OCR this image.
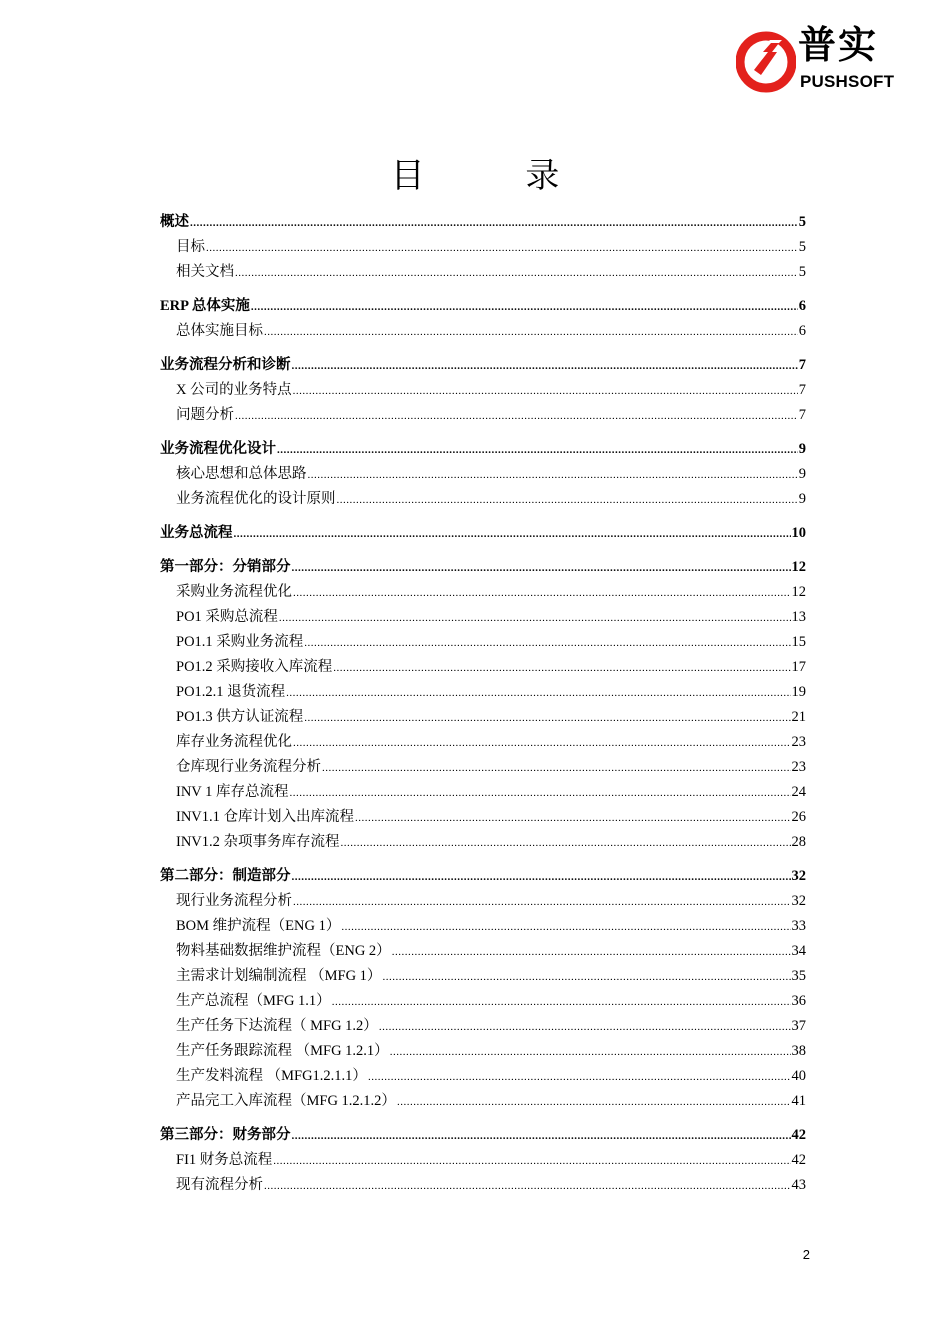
普实
PUSHSOFT
目 录
概述 .....	5
目标 .....	5
相关文档 .....	5
ERP 总体实施 .....	6
总体实施目标 .....	6
业务流程分析和诊断 .....	7
X 公司的业务特点 .....	7
问题分析 .....	7
业务流程优化设计 .....	9
核心思想和总体思路 .....	9
业务流程优化的设计原则 .....	9
业务总流程 .....	10
第一部分：分销部分 .....	12
采购业务流程优化 .....	12
PO1 采购总流程 .....	13
PO1.1 采购业务流程 .....	15
PO1.2 采购接收入库流程 .....	17
PO1.2.1 退货流程 .....	19
PO1.3 供方认证流程 .....	21
库存业务流程优化 .....	23
仓库现行业务流程分析 .....	23
INV 1 库存总流程 .....	24
INV1.1 仓库计划入出库流程 .....	26
INV1.2 杂项事务库存流程 .....	28
第二部分：制造部分 .....	32
现行业务流程分析 .....	32
BOM 维护流程（ENG 1） .....	33
物料基础数据维护流程（ENG 2） .....	34
主需求计划编制流程 （MFG 1） .....	35
生产总流程（MFG 1.1） .....	36
生产任务下达流程（ MFG 1.2） .....	37
生产任务跟踪流程 （MFG 1.2.1） .....	38
生产发料流程 （MFG1.2.1.1） .....	40
产品完工入库流程（MFG 1.2.1.2） .....	41
第三部分：财务部分 .....	42
FI1 财务总流程 .....	42
现有流程分析 .....	43
2
